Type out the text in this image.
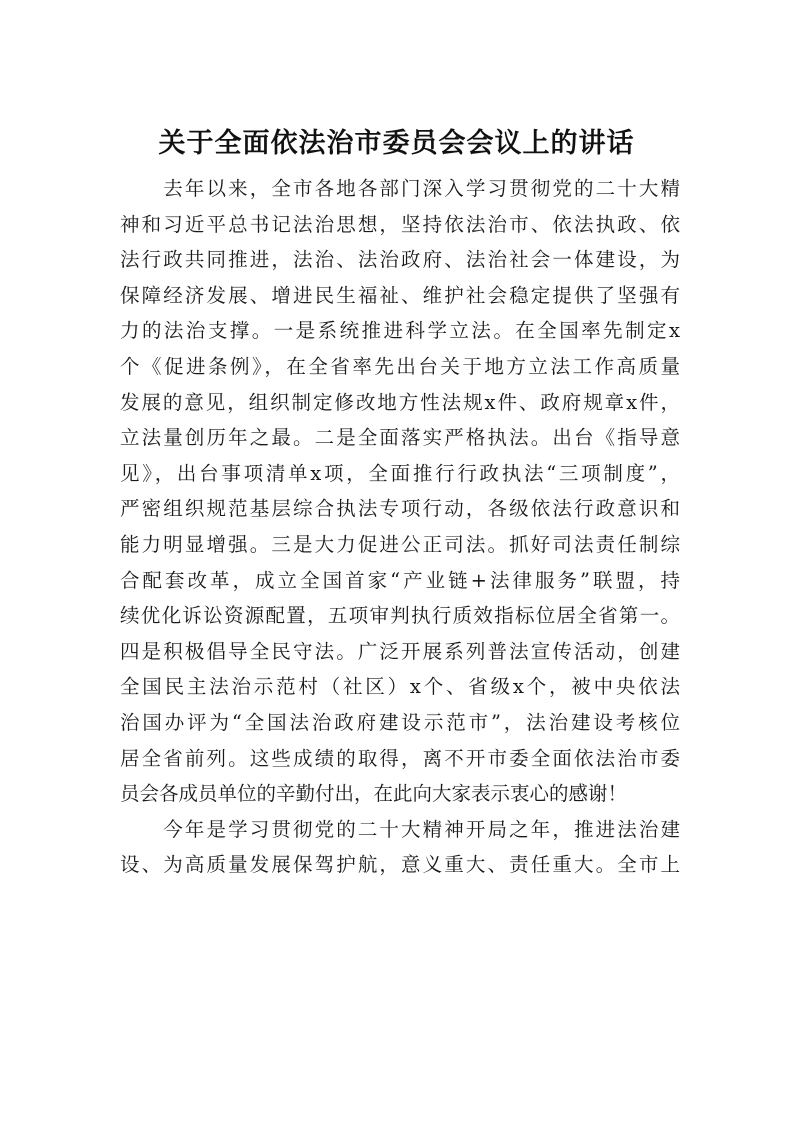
关于全面依法治市委员会会议上的讲话
　　去年以来，全市各地各部门深入学习贯彻党的二十大精
神和习近平总书记法治思想，坚持依法治市、依法执政、依
法行政共同推进，法治、法治政府、法治社会一体建设，为
保障经济发展、增进民生福祉、维护社会稳定提供了坚强有
力的法治支撑。一是系统推进科学立法。在全国率先制定x
个《促进条例》，在全省率先出台关于地方立法工作高质量
发展的意见，组织制定修改地方性法规x件、政府规章x件，
立法量创历年之最。二是全面落实严格执法。出台《指导意
见》，出台事项清单x项，全面推行行政执法“三项制度”，
严密组织规范基层综合执法专项行动，各级依法行政意识和
能力明显增强。三是大力促进公正司法。抓好司法责任制综
合配套改革，成立全国首家“产业链+法律服务”联盟，持
续优化诉讼资源配置，五项审判执行质效指标位居全省第一。
四是积极倡导全民守法。广泛开展系列普法宣传活动，创建
全国民主法治示范村（社区）x个、省级x个，被中央依法
治国办评为“全国法治政府建设示范市”，法治建设考核位
居全省前列。这些成绩的取得，离不开市委全面依法治市委
员会各成员单位的辛勤付出，在此向大家表示衷心的感谢！
　　今年是学习贯彻党的二十大精神开局之年，推进法治建
设、为高质量发展保驾护航，意义重大、责任重大。全市上
